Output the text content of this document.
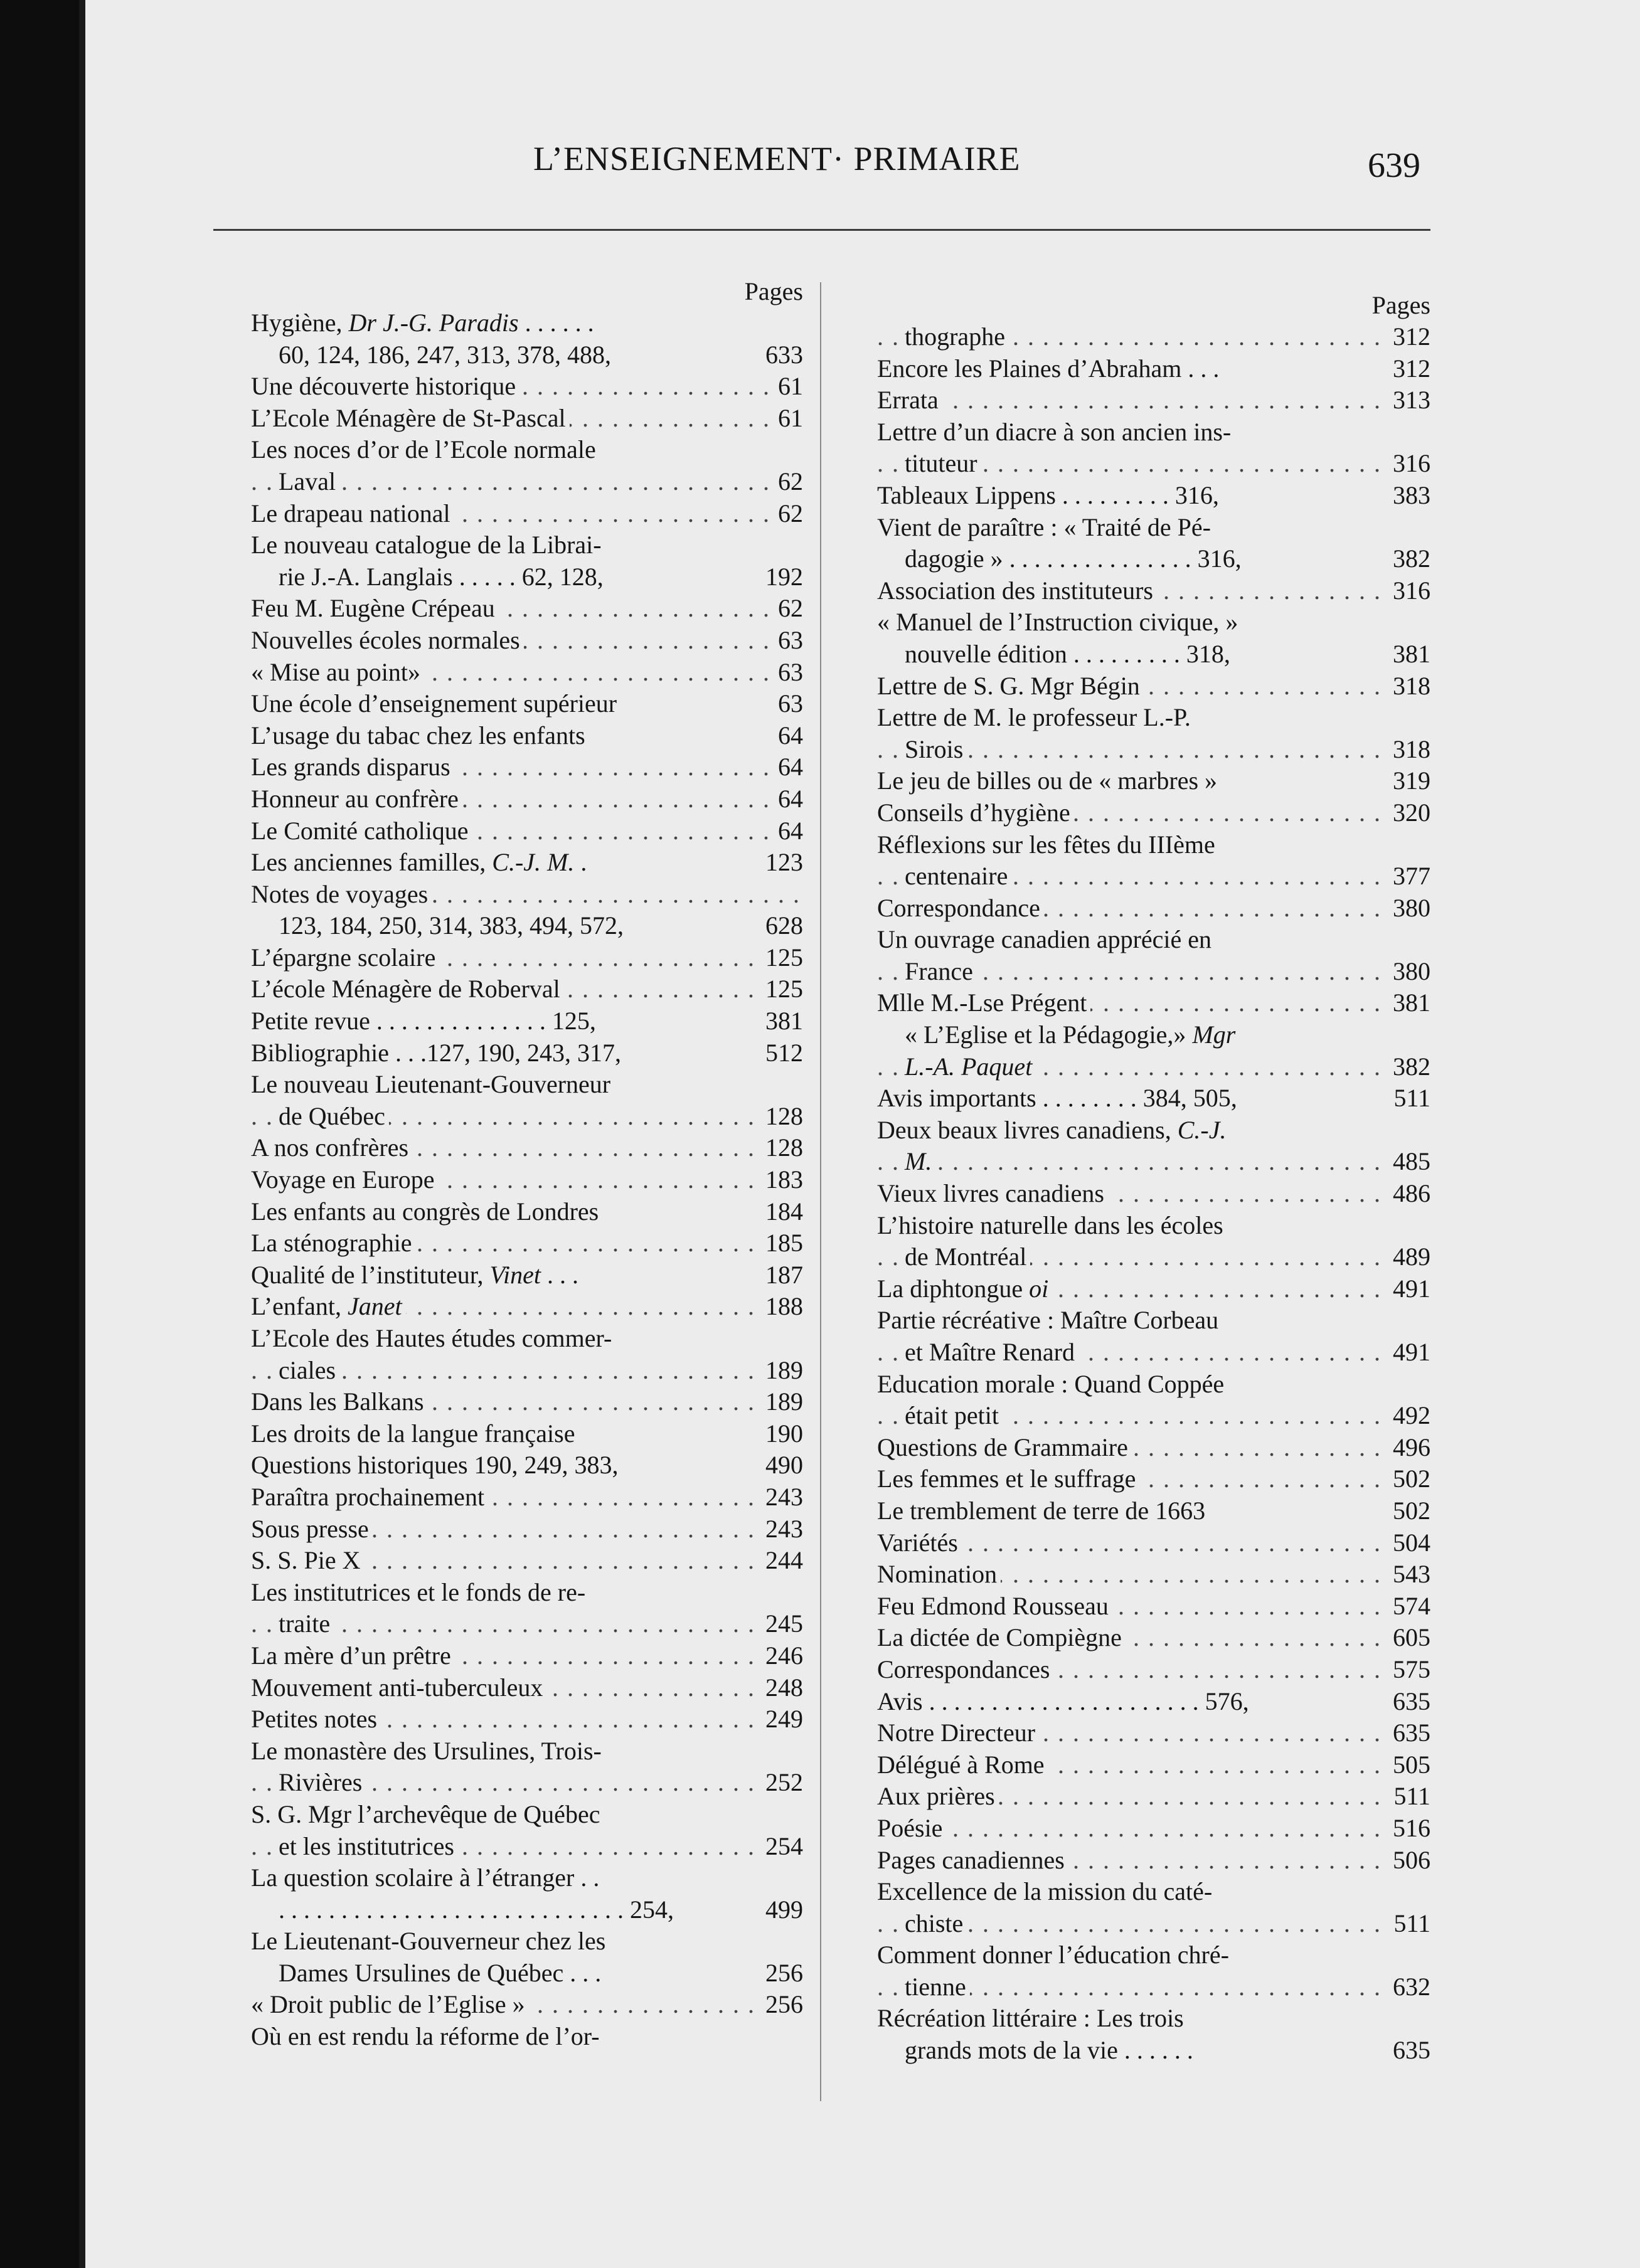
L’ENSEIGNEMENT· PRIMAIRE	639
Pages
Hygiène, Dr J.-G. Paradis . . . . . .
60, 124, 186, 247, 313, 378, 488,	633
. . . Une découverte historique	61
. . . L’Ecole Ménagère de St-Pascal	61
Les noces d’or de l’Ecole normale
. . . Laval	62
. . . Le drapeau national	62
Le nouveau catalogue de la Librai-
rie J.-A. Langlais . . . . . 62, 128,	192
. . . Feu M. Eugène Crépeau	62
. . . Nouvelles écoles normales	63
. . . « Mise au point»	63
Une école d’enseignement supérieur	63
L’usage du tabac chez les enfants	64
. . . Les grands disparus	64
. . . Honneur au confrère	64
. . . Le Comité catholique	64
Les anciennes familles, C.-J. M. .	123
. . . Notes de voyages
123, 184, 250, 314, 383, 494, 572,	628
. . . L’épargne scolaire	125
. . . L’école Ménagère de Roberval	125
Petite revue . . . . . . . . . . . . . . 125,	381
Bibliographie . . .127, 190, 243, 317,	512
Le nouveau Lieutenant-Gouverneur
. . . de Québec	128
. . . A nos confrères	128
. . . Voyage en Europe	183
Les enfants au congrès de Londres	184
. . . La sténographie	185
Qualité de l’instituteur, Vinet . . .	187
. . . L’enfant, Janet	188
L’Ecole des Hautes études commer-
. . . ciales	189
. . . Dans les Balkans	189
Les droits de la langue française	190
Questions historiques 190, 249, 383,	490
. . . Paraîtra prochainement	243
. . . Sous presse	243
. . . S. S. Pie X	244
Les institutrices et le fonds de re-
. . . traite	245
. . . La mère d’un prêtre	246
. . . Mouvement anti-tuberculeux	248
. . . Petites notes	249
Le monastère des Ursulines, Trois-
. . . Rivières	252
S. G. Mgr l’archevêque de Québec
. . . et les institutrices	254
La question scolaire à l’étranger . .
. . . . . . . . . . . . . . . . . . . . . . . . . . . . 254,	499
Le Lieutenant-Gouverneur chez les
Dames Ursulines de Québec . . .	256
. . . « Droit public de l’Eglise »	256
Où en est rendu la réforme de l’or-
Pages
. . . thographe	312
Encore les Plaines d’Abraham . . .	312
. . . Errata	313
Lettre d’un diacre à son ancien ins-
. . . tituteur	316
Tableaux Lippens . . . . . . . . . 316,	383
Vient de paraître : « Traité de Pé-
dagogie » . . . . . . . . . . . . . . . 316,	382
. . . Association des instituteurs	316
« Manuel de l’Instruction civique, »
nouvelle édition . . . . . . . . . 318,	381
. . . Lettre de S. G. Mgr Bégin	318
Lettre de M. le professeur L.-P.
. . . Sirois	318
Le jeu de billes ou de « marbres »	319
. . . Conseils d’hygiène	320
Réflexions sur les fêtes du IIIème
. . . centenaire	377
. . . Correspondance	380
Un ouvrage canadien apprécié en
. . . France	380
. . . Mlle M.-Lse Prégent	381
« L’Eglise et la Pédagogie,» Mgr
. . . L.-A. Paquet	382
Avis importants . . . . . . . . 384, 505,	511
Deux beaux livres canadiens, C.-J.
. . . M.	485
. . . Vieux livres canadiens	486
L’histoire naturelle dans les écoles
. . . de Montréal	489
. . . La diphtongue oi	491
Partie récréative : Maître Corbeau
. . . et Maître Renard	491
Education morale : Quand Coppée
. . . était petit	492
. . . Questions de Grammaire	496
. . . Les femmes et le suffrage	502
Le tremblement de terre de 1663	502
. . . Variétés	504
. . . Nomination	543
. . . Feu Edmond Rousseau	574
. . . La dictée de Compiègne	605
. . . Correspondances	575
Avis . . . . . . . . . . . . . . . . . . . . . . 576,	635
. . . Notre Directeur	635
. . . Délégué à Rome	505
. . . Aux prières	511
. . . Poésie	516
. . . Pages canadiennes	506
Excellence de la mission du caté-
. . . chiste	511
Comment donner l’éducation chré-
. . . tienne	632
Récréation littéraire : Les trois
grands mots de la vie . . . . . .	635
